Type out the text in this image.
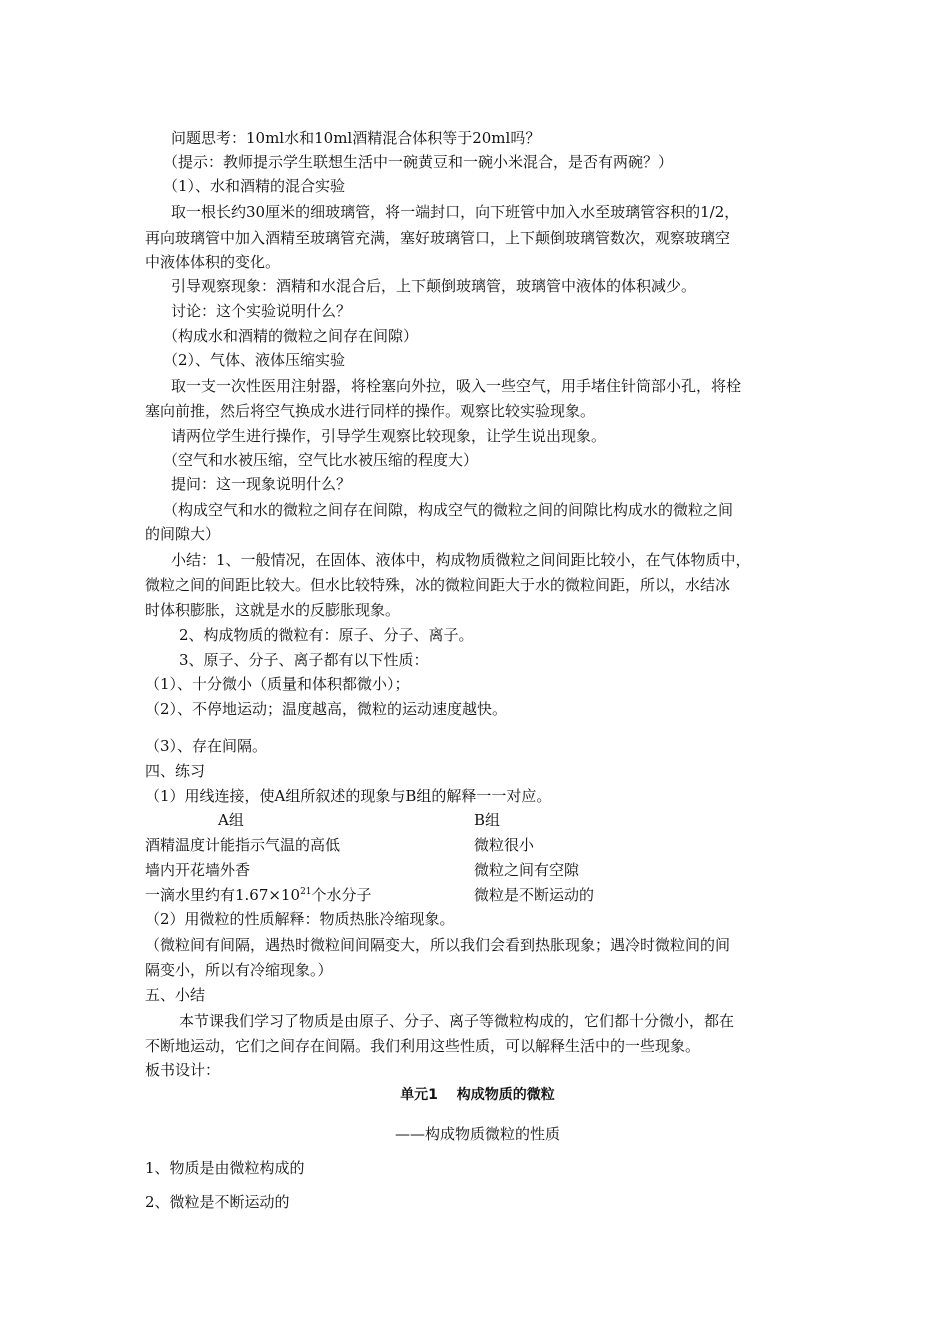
问题思考：10ml水和10ml酒精混合体积等于20ml吗？
（提示：教师提示学生联想生活中一碗黄豆和一碗小米混合，是否有两碗？）
（1）、水和酒精的混合实验
取一根长约30厘米的细玻璃管，将一端封口，向下班管中加入水至玻璃管容积的1/2，
再向玻璃管中加入酒精至玻璃管充满，塞好玻璃管口，上下颠倒玻璃管数次，观察玻璃空
中液体体积的变化。
引导观察现象：酒精和水混合后，上下颠倒玻璃管，玻璃管中液体的体积减少。
讨论：这个实验说明什么？
（构成水和酒精的微粒之间存在间隙）
（2）、气体、液体压缩实验
取一支一次性医用注射器，将栓塞向外拉，吸入一些空气，用手堵住针筒部小孔，将栓
塞向前推，然后将空气换成水进行同样的操作。观察比较实验现象。
请两位学生进行操作，引导学生观察比较现象，让学生说出现象。
（空气和水被压缩，空气比水被压缩的程度大）
提问：这一现象说明什么？
（构成空气和水的微粒之间存在间隙，构成空气的微粒之间的间隙比构成水的微粒之间
的间隙大）
小结：1、一般情况，在固体、液体中，构成物质微粒之间间距比较小，在气体物质中，
微粒之间的间距比较大。但水比较特殊，冰的微粒间距大于水的微粒间距，所以，水结冰
时体积膨胀，这就是水的反膨胀现象。
2、构成物质的微粒有：原子、分子、离子。
3、原子、分子、离子都有以下性质：
（1）、十分微小（质量和体积都微小）；
（2）、不停地运动；温度越高，微粒的运动速度越快。
（3）、存在间隔。
四、练习
（1）用线连接，使A组所叙述的现象与B组的解释一一对应。
A组	B组
酒精温度计能指示气温的高低	微粒很小
墙内开花墙外香	微粒之间有空隙
一滴水里约有$1.67\times 10^{21}$个水分子	微粒是不断运动的
（2）用微粒的性质解释：物质热胀冷缩现象。
（微粒间有间隔，遇热时微粒间间隔变大，所以我们会看到热胀现象；遇冷时微粒间的间
隔变小，所以有冷缩现象。）
五、小结
本节课我们学习了物质是由原子、分子、离子等微粒构成的，它们都十分微小，都在
不断地运动，它们之间存在间隔。我们利用这些性质，可以解释生活中的一些现象。
板书设计：
单元1　 构成物质的微粒
——构成物质微粒的性质
1、物质是由微粒构成的
2、微粒是不断运动的
